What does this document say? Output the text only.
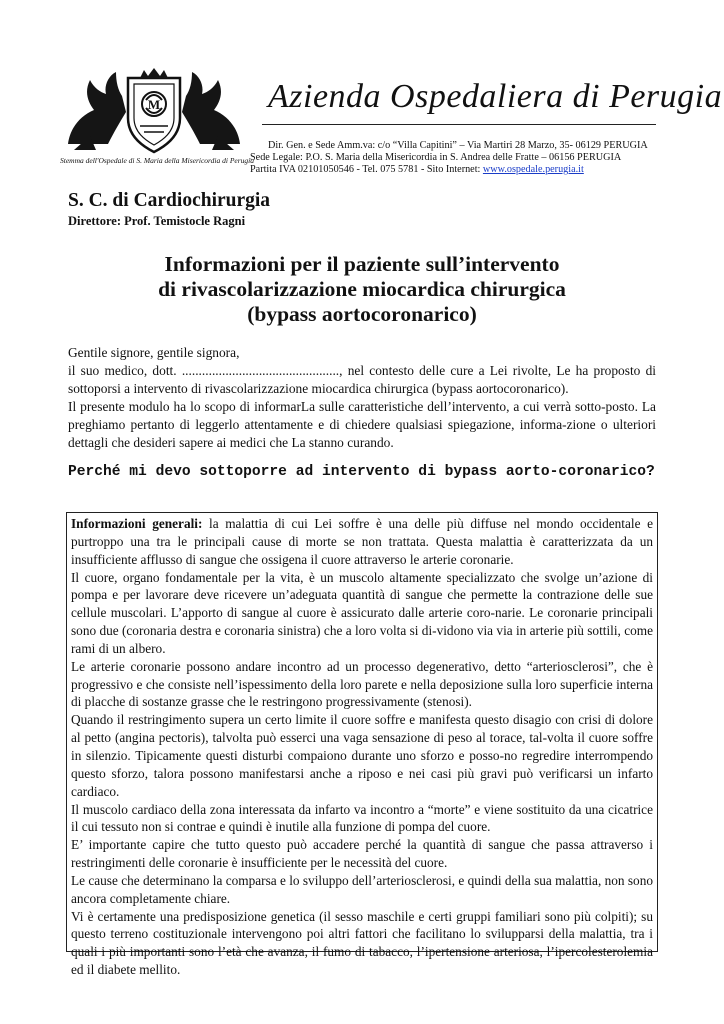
M
Stemma dell'Ospedale di S. Maria della Misericordia di Perugia
Azienda Ospedaliera di Perugia
Dir. Gen. e Sede Amm.va: c/o “Villa Capitini” – Via Martiri 28 Marzo, 35- 06129 PERUGIA
Sede Legale: P.O. S. Maria della Misericordia in S. Andrea delle Fratte – 06156 PERUGIA
Partita IVA 02101050546 - Tel. 075 5781 - Sito Internet: www.ospedale.perugia.it
S. C. di Cardiochirurgia
Direttore: Prof. Temistocle Ragni
Informazioni per il paziente sull’intervento
di rivascolarizzazione miocardica chirurgica
(bypass aortocoronarico)

Gentile signore, gentile signora,

il suo medico, dott. ..............................................., nel contesto delle cure a Lei rivolte, Le ha proposto di sottoporsi a intervento di rivascolarizzazione miocardica chirurgica (bypass aortocoronarico).

Il presente modulo ha lo scopo di informarLa sulle caratteristiche dell’intervento, a cui verrà sotto-posto. La preghiamo pertanto di leggerlo attentamente e di chiedere qualsiasi spiegazione, informa-zione o ulteriori dettagli che desideri sapere ai medici che La stanno curando.

Perché mi devo sottoporre ad intervento di bypass aorto-coronarico?

Informazioni generali: la malattia di cui Lei soffre è una delle più diffuse nel mondo occidentale e purtroppo una tra le principali cause di morte se non trattata. Questa malattia è caratterizzata da un insufficiente afflusso di sangue che ossigena il cuore attraverso le arterie coronarie.

Il cuore, organo fondamentale per la vita, è un muscolo altamente specializzato che svolge un’azione di pompa e per lavorare deve ricevere un’adeguata quantità di sangue che permette la contrazione delle sue cellule muscolari. L’apporto di sangue al cuore è assicurato dalle arterie coro-narie. Le coronarie principali sono due (coronaria destra e coronaria sinistra) che a loro volta si di-vidono via via in arterie più sottili, come rami di un albero.

Le arterie coronarie possono andare incontro ad un processo degenerativo, detto “arteriosclerosi”, che è progressivo e che consiste nell’ispessimento della loro parete e nella deposizione sulla loro superficie interna di placche di sostanze grasse che le restringono progressivamente (stenosi).

Quando il restringimento supera un certo limite il cuore soffre e manifesta questo disagio con crisi di dolore al petto (angina pectoris), talvolta può esserci una vaga sensazione di peso al torace, tal-volta il cuore soffre in silenzio. Tipicamente questi disturbi compaiono durante uno sforzo e posso-no regredire interrompendo questo sforzo, talora possono manifestarsi anche a riposo e nei casi più gravi può verificarsi un infarto cardiaco.

Il muscolo cardiaco della zona interessata da infarto va incontro a “morte” e viene sostituito da una cicatrice il cui tessuto non si contrae e quindi è inutile alla funzione di pompa del cuore.

E’ importante capire che tutto questo può accadere perché la quantità di sangue che passa attraverso i restringimenti delle coronarie è insufficiente per le necessità del cuore.

Le cause che determinano la comparsa e lo sviluppo dell’arteriosclerosi, e quindi della sua malattia, non sono ancora completamente chiare.

Vi è certamente una predisposizione genetica (il sesso maschile e certi gruppi familiari sono più colpiti); su questo terreno costituzionale intervengono poi altri fattori che facilitano lo svilupparsi della malattia, tra i quali i più importanti sono l’età che avanza, il fumo di tabacco, l’ipertensione arteriosa, l’ipercolesterolemia ed il diabete mellito.
